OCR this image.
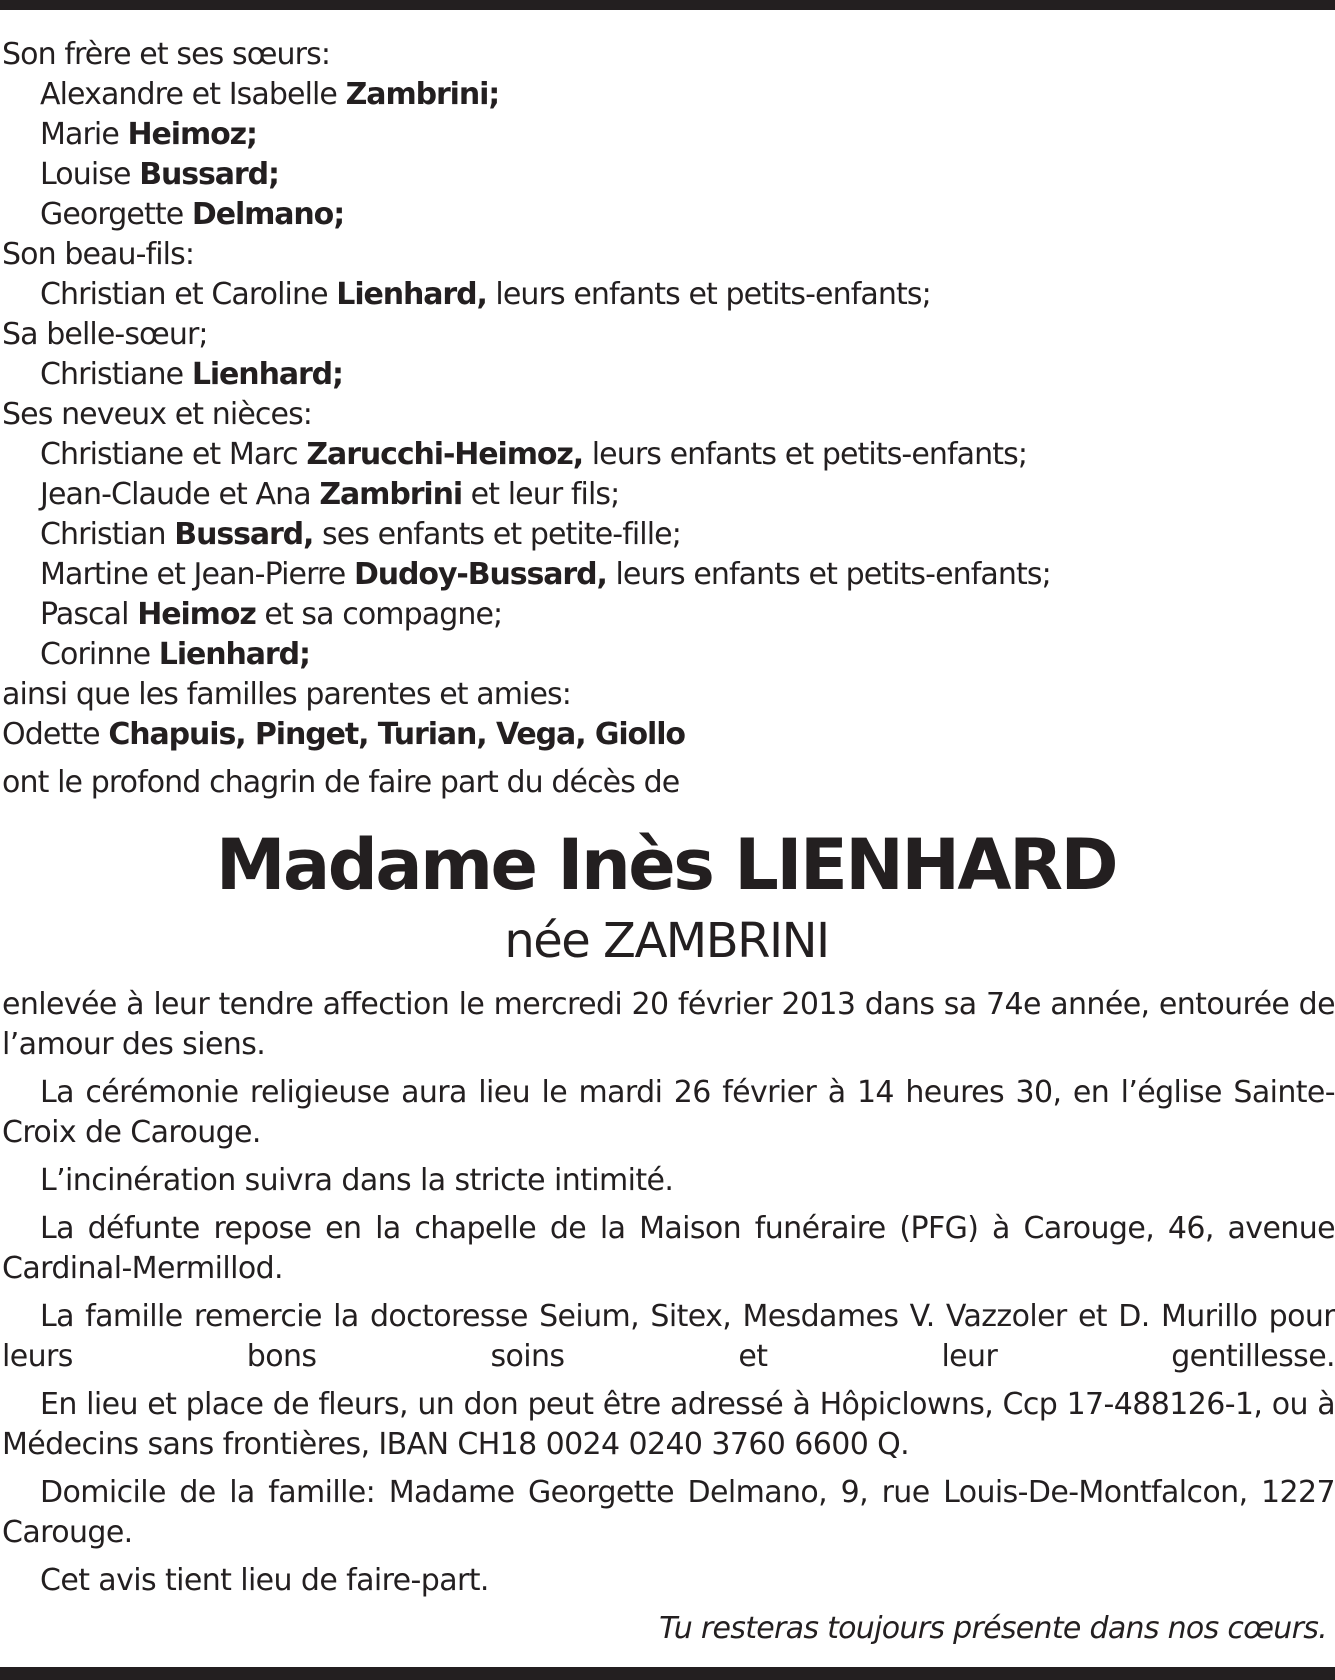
Son frère et ses sœurs:
Alexandre et Isabelle Zambrini;
Marie Heimoz;
Louise Bussard;
Georgette Delmano;
Son beau-fils:
Christian et Caroline Lienhard, leurs enfants et petits-enfants;
Sa belle-sœur;
Christiane Lienhard;
Ses neveux et nièces:
Christiane et Marc Zarucchi-Heimoz, leurs enfants et petits-enfants;
Jean-Claude et Ana Zambrini et leur fils;
Christian Bussard, ses enfants et petite-fille;
Martine et Jean-Pierre Dudoy-Bussard, leurs enfants et petits-enfants;
Pascal Heimoz et sa compagne;
Corinne Lienhard;
ainsi que les familles parentes et amies:
Odette Chapuis, Pinget, Turian, Vega, Giollo
ont le profond chagrin de faire part du décès de
Madame Inès LIENHARD
née ZAMBRINI
enlevée à leur tendre affection le mercredi 20 février 2013 dans sa 74e année, entourée de l’amour des siens.
La cérémonie religieuse aura lieu le mardi 26 février à 14 heures 30, en l’église Sainte-Croix de Carouge.
L’incinération suivra dans la stricte intimité.
La défunte repose en la chapelle de la Maison funéraire (PFG) à Carouge, 46, avenue Cardinal-Mermillod.
La famille remercie la doctoresse Seium, Sitex, Mesdames V. Vazzoler et D. Murillo pour leurs bons soins et leur gentillesse.
En lieu et place de fleurs, un don peut être adressé à Hôpiclowns, Ccp 17-488126-1, ou à Médecins sans frontières, IBAN CH18 0024 0240 3760 6600 Q.
Domicile de la famille: Madame Georgette Delmano, 9, rue Louis-De-Montfalcon, 1227 Carouge.
Cet avis tient lieu de faire-part.
Tu resteras toujours présente dans nos cœurs.
